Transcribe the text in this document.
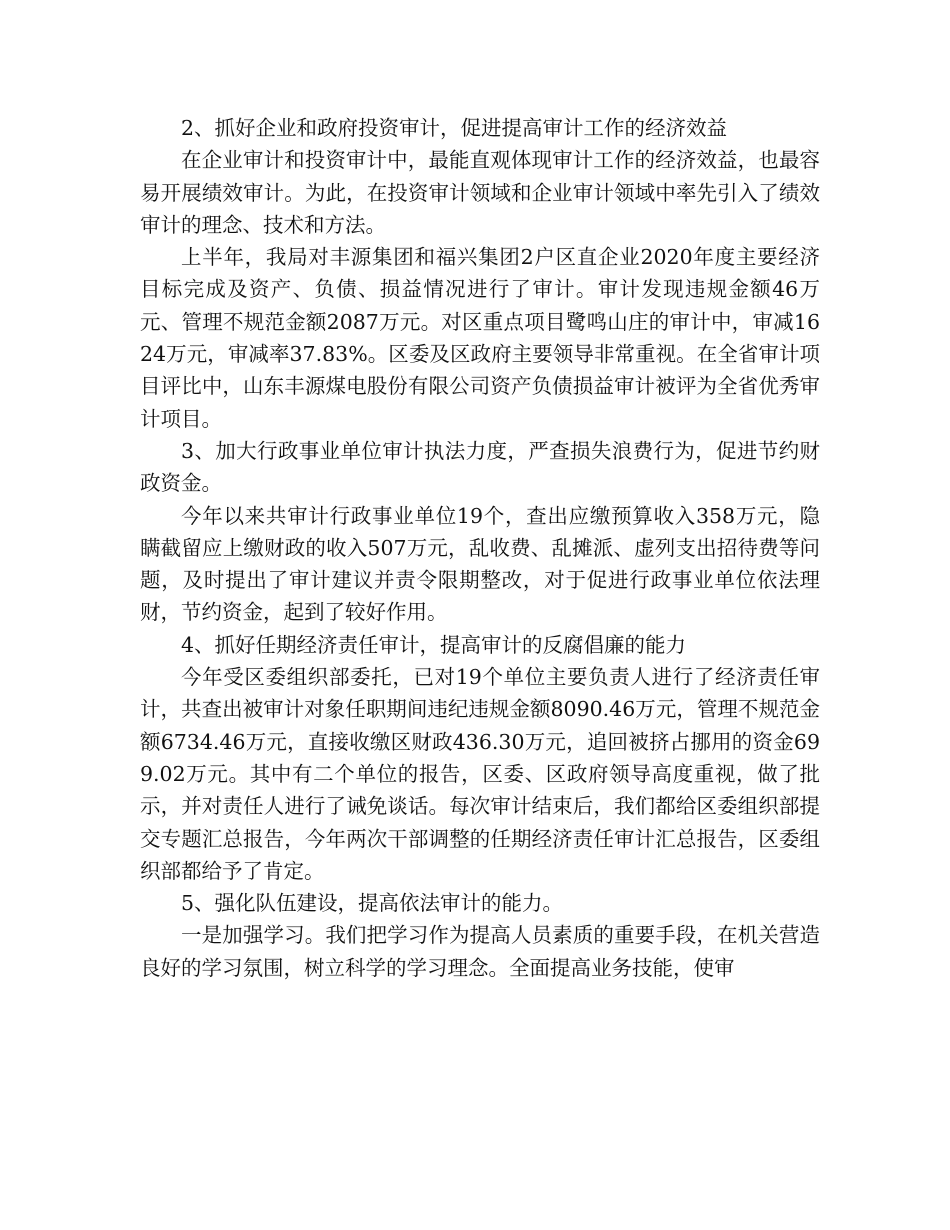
2、抓好企业和政府投资审计，促进提高审计工作的经济效益

在企业审计和投资审计中，最能直观体现审计工作的经济效益，也最容易开展绩效审计。为此，在投资审计领域和企业审计领域中率先引入了绩效审计的理念、技术和方法。

上半年，我局对丰源集团和福兴集团2户区直企业2020年度主要经济目标完成及资产、负债、损益情况进行了审计。审计发现违规金额46万元、管理不规范金额2087万元。对区重点项目鹭鸣山庄的审计中，审减1624万元，审减率37.83%。区委及区政府主要领导非常重视。在全省审计项目评比中，山东丰源煤电股份有限公司资产负债损益审计被评为全省优秀审计项目。

3、加大行政事业单位审计执法力度，严查损失浪费行为，促进节约财政资金。

今年以来共审计行政事业单位19个，查出应缴预算收入358万元，隐瞒截留应上缴财政的收入507万元，乱收费、乱摊派、虚列支出招待费等问题，及时提出了审计建议并责令限期整改，对于促进行政事业单位依法理财，节约资金，起到了较好作用。

4、抓好任期经济责任审计，提高审计的反腐倡廉的能力

今年受区委组织部委托，已对19个单位主要负责人进行了经济责任审计，共查出被审计对象任职期间违纪违规金额8090.46万元，管理不规范金额6734.46万元，直接收缴区财政436.30万元，追回被挤占挪用的资金699.02万元。其中有二个单位的报告，区委、区政府领导高度重视，做了批示，并对责任人进行了诫免谈话。每次审计结束后，我们都给区委组织部提交专题汇总报告，今年两次干部调整的任期经济责任审计汇总报告，区委组织部都给予了肯定。

5、强化队伍建设，提高依法审计的能力。

一是加强学习。我们把学习作为提高人员素质的重要手段，在机关营造良好的学习氛围，树立科学的学习理念。全面提高业务技能，使审
